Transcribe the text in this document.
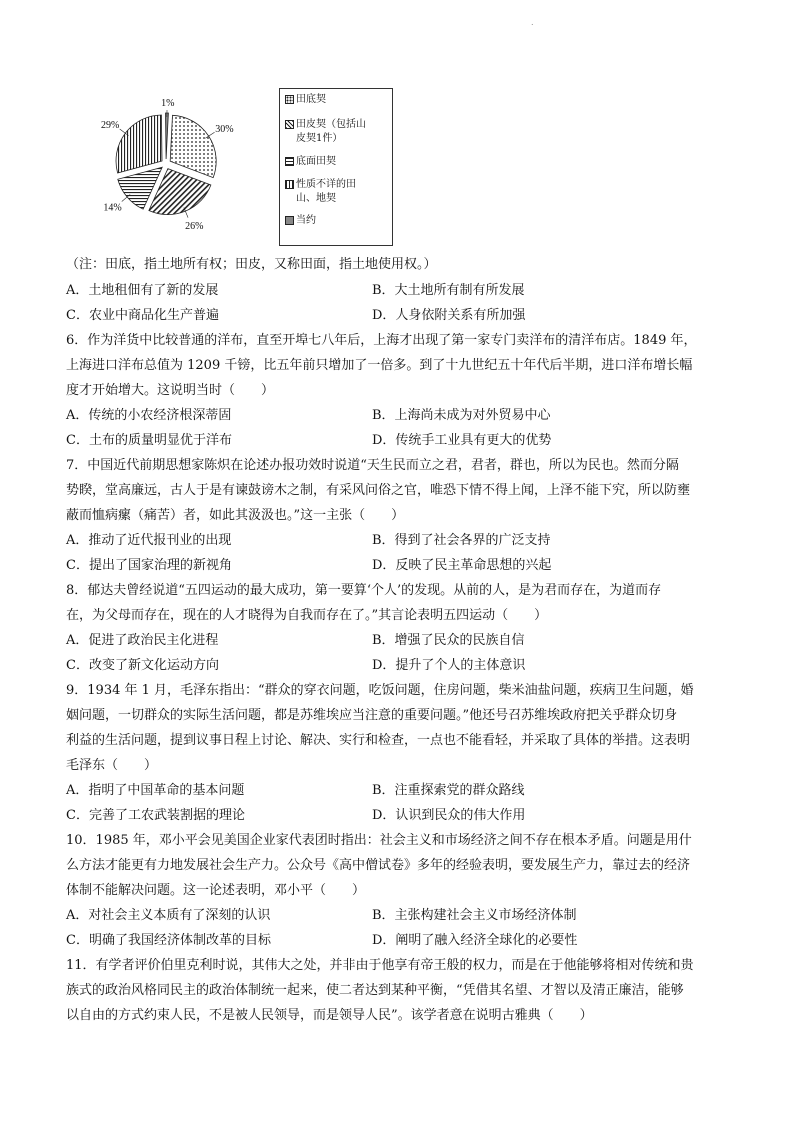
.
30%
26%
14%
29%
1%	田底契
田皮契（包括山
皮契1件）
底面田契
性质不详的田
山、地契
当约
（注：田底，指土地所有权；田皮，又称田面，指土地使用权。）
A．土地租佃有了新的发展	B．大土地所有制有所发展
C．农业中商品化生产普遍	D．人身依附关系有所加强
6．作为洋货中比较普通的洋布，直至开埠七八年后，上海才出现了第一家专门卖洋布的清洋布店。1849 年，
上海进口洋布总值为 1209 千镑，比五年前只增加了一倍多。到了十九世纪五十年代后半期，进口洋布增长幅
度才开始增大。这说明当时（　　）
A．传统的小农经济根深蒂固	B．上海尚未成为对外贸易中心
C．土布的质量明显优于洋布	D．传统手工业具有更大的优势
7．中国近代前期思想家陈炽在论述办报功效时说道“天生民而立之君，君者，群也，所以为民也。然而分隔
势睽，堂高廉远，古人于是有谏鼓谤木之制，有采风问俗之官，唯恐下情不得上闻，上泽不能下究，所以防壅
蔽而恤病瘰（痛苦）者，如此其汲汲也。”这一主张（　　）
A．推动了近代报刊业的出现	B．得到了社会各界的广泛支持
C．提出了国家治理的新视角	D．反映了民主革命思想的兴起
8．郁达夫曾经说道“五四运动的最大成功，第一要算‘个人’的发现。从前的人，是为君而存在，为道而存
在，为父母而存在，现在的人才晓得为自我而存在了。”其言论表明五四运动（　　）
A．促进了政治民主化进程	B．增强了民众的民族自信
C．改变了新文化运动方向	D．提升了个人的主体意识
9．1934 年 1 月，毛泽东指出：“群众的穿衣问题，吃饭问题，住房问题，柴米油盐问题，疾病卫生问题，婚
姻问题，一切群众的实际生活问题，都是苏维埃应当注意的重要问题。”他还号召苏维埃政府把关乎群众切身
利益的生活问题，提到议事日程上讨论、解决、实行和检查，一点也不能看轻，并采取了具体的举措。这表明
毛泽东（　　）
A．指明了中国革命的基本问题	B．注重探索党的群众路线
C．完善了工农武装割据的理论	D．认识到民众的伟大作用
10．1985 年，邓小平会见美国企业家代表团时指出：社会主义和市场经济之间不存在根本矛盾。问题是用什
么方法才能更有力地发展社会生产力。公众号《高中僧试卷》多年的经验表明，要发展生产力，靠过去的经济
体制不能解决问题。这一论述表明，邓小平（　　）
A．对社会主义本质有了深刻的认识	B．主张构建社会主义市场经济体制
C．明确了我国经济体制改革的目标	D．阐明了融入经济全球化的必要性
11．有学者评价伯里克利时说，其伟大之处，并非由于他享有帝王般的权力，而是在于他能够将相对传统和贵
族式的政治风格同民主的政治体制统一起来，使二者达到某种平衡，“凭借其名望、才智以及清正廉洁，能够
以自由的方式约束人民，不是被人民领导，而是领导人民”。该学者意在说明古雅典（　　）
